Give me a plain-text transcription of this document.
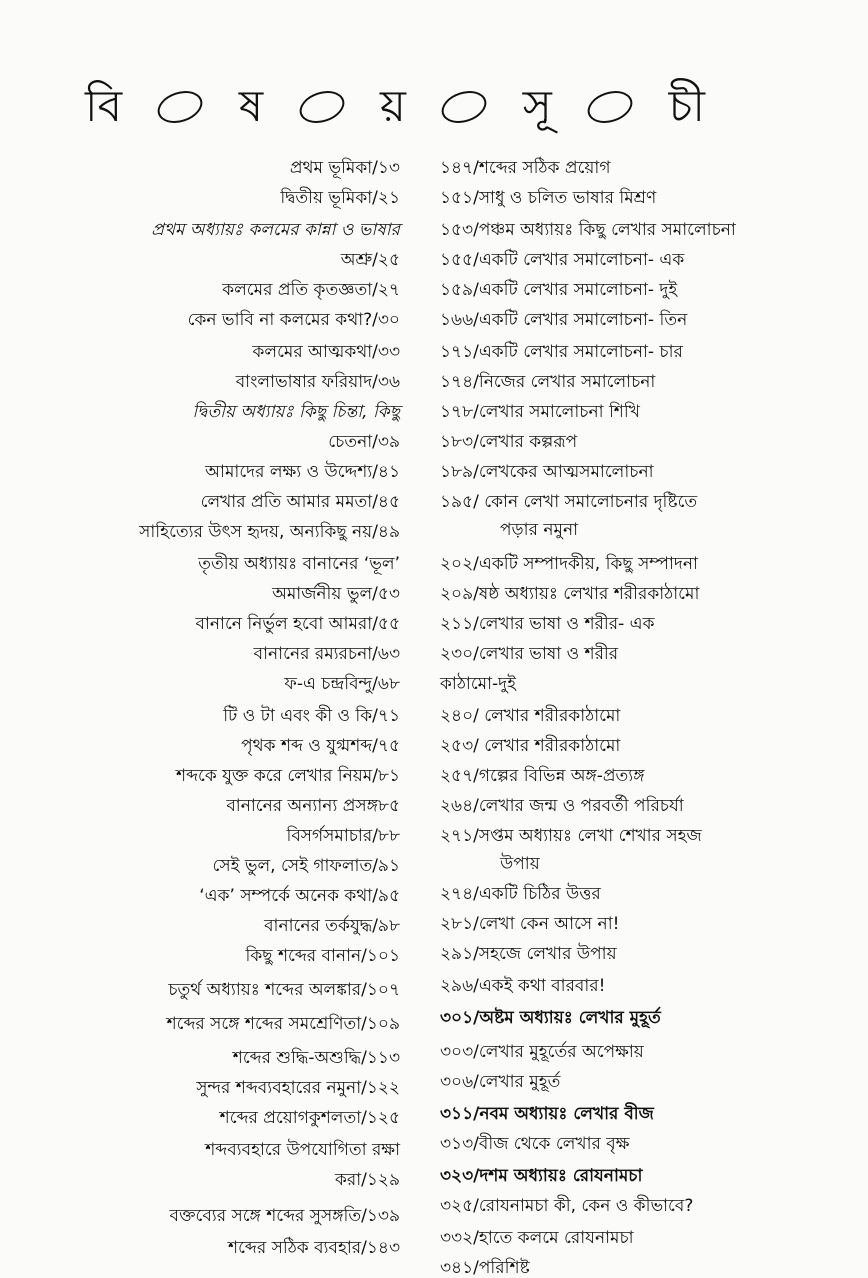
বি	ষ	য়	সূ	চী
প্রথম ভূমিকা/১৩
দ্বিতীয় ভূমিকা/২১
প্রথম অধ্যায়ঃ কলমের কান্না ও ভাষার
অশ্রু/২৫
কলমের প্রতি কৃতজ্ঞতা/২৭
কেন ভাবি না কলমের কথা?/৩০
কলমের আত্মকথা/৩৩
বাংলাভাষার ফরিয়াদ/৩৬
দ্বিতীয় অধ্যায়ঃ কিছু চিন্তা, কিছু
চেতনা/৩৯
আমাদের লক্ষ্য ও উদ্দেশ্য/৪১
লেখার প্রতি আমার মমতা/৪৫
সাহিত্যের উৎস হৃদয়, অন্যকিছু নয়/৪৯
তৃতীয় অধ্যায়ঃ বানানের ‘ভূল’
অমার্জনীয় ভুল/৫৩
বানানে নির্ভুল হবো আমরা/৫৫
বানানের রম্যরচনা/৬৩
ফ-এ চন্দ্রবিন্দু/৬৮
টি ও টা এবং কী ও কি/৭১
পৃথক শব্দ ও যুগ্মশব্দ/৭৫
শব্দকে যুক্ত করে লেখার নিয়ম/৮১
বানানের অন্যান্য প্রসঙ্গ৮৫
বিসর্গসমাচার/৮৮
সেই ভুল, সেই গাফলাত/৯১
‘এক’ সম্পর্কে অনেক কথা/৯৫
বানানের তর্কযুদ্ধ/৯৮
কিছু শব্দের বানান/১০১
চতুর্থ অধ্যায়ঃ শব্দের অলঙ্কার/১০৭
শব্দের সঙ্গে শব্দের সমশ্রেণিতা/১০৯
শব্দের শুদ্ধি-অশুদ্ধি/১১৩
সুন্দর শব্দব্যবহারের নমুনা/১২২
শব্দের প্রয়োগকুশলতা/১২৫
শব্দব্যবহারে উপযোগিতা রক্ষা
করা/১২৯
বক্তব্যের সঙ্গে শব্দের সুসঙ্গতি/১৩৯
শব্দের সঠিক ব্যবহার/১৪৩
১৪৭/শব্দের সঠিক প্রয়োগ
১৫১/সাধু ও চলিত ভাষার মিশ্রণ
১৫৩/পঞ্চম অধ্যায়ঃ কিছু লেখার সমালোচনা
১৫৫/একটি লেখার সমালোচনা- এক
১৫৯/একটি লেখার সমালোচনা- দুই
১৬৬/একটি লেখার সমালোচনা- তিন
১৭১/একটি লেখার সমালোচনা- চার
১৭৪/নিজের লেখার সমালোচনা
১৭৮/লেখার সমালোচনা শিখি
১৮৩/লেখার কল্পরূপ
১৮৯/লেখকের আত্মসমালোচনা
১৯৫/ কোন লেখা সমালোচনার দৃষ্টিতে
পড়ার নমুনা
২০২/একটি সম্পাদকীয়, কিছু সম্পাদনা
২০৯/ষষ্ঠ অধ্যায়ঃ লেখার শরীরকাঠামো
২১১/লেখার ভাষা ও শরীর- এক
২৩০/লেখার ভাষা ও শরীর
কাঠামো-দুই
২৪০/ লেখার শরীরকাঠামো
২৫৩/ লেখার শরীরকাঠামো
২৫৭/গল্পের বিভিন্ন অঙ্গ-প্রত্যঙ্গ
২৬৪/লেখার জন্ম ও পরবর্তী পরিচর্যা
২৭১/সপ্তম অধ্যায়ঃ লেখা শেখার সহজ
উপায়
২৭৪/একটি চিঠির উত্তর
২৮১/লেখা কেন আসে না!
২৯১/সহজে লেখার উপায়
২৯৬/একই কথা বারবার!
৩০১/অষ্টম অধ্যায়ঃ লেখার মুহূর্ত
৩০৩/লেখার মুহূর্তের অপেক্ষায়
৩০৬/লেখার মুহূর্ত
৩১১/নবম অধ্যায়ঃ লেখার বীজ
৩১৩/বীজ থেকে লেখার বৃক্ষ
৩২৩/দশম অধ্যায়ঃ রোযনামচা
৩২৫/রোযনামচা কী, কেন ও কীভাবে?
৩৩২/হাতে কলমে রোযনামচা
৩৪১/পরিশিষ্ট
